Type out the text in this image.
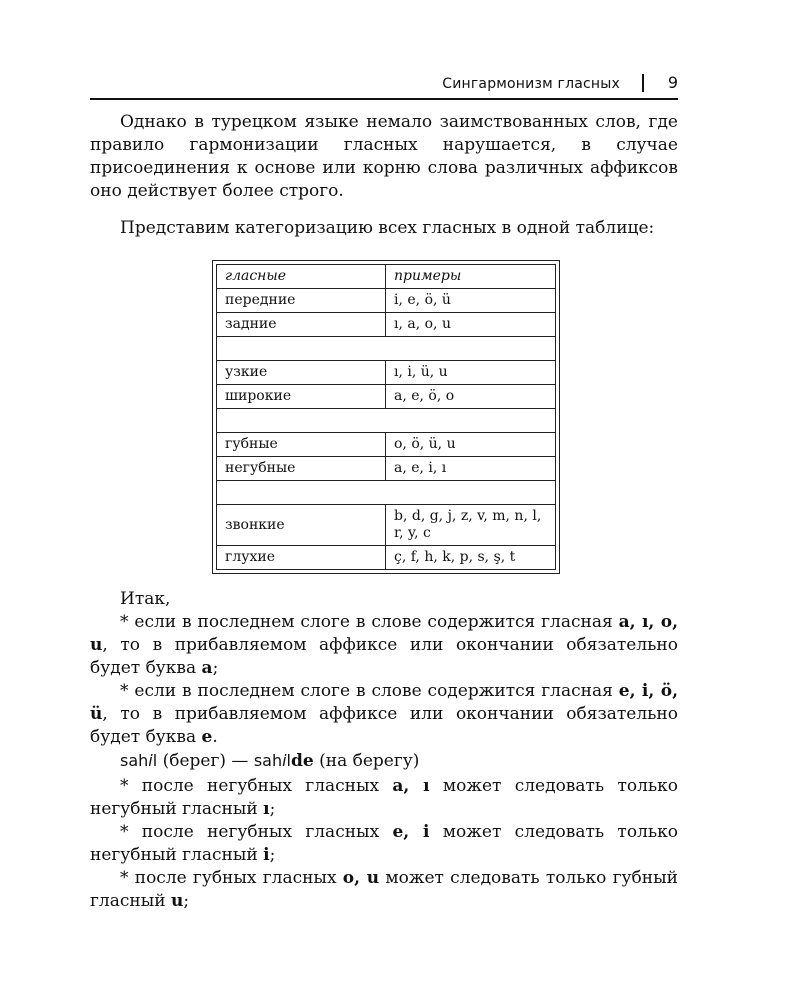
Сингармонизм гласных	9

Однако в турецком языке немало заимствованных слов, где правило гармонизации гласных нарушается, в случае присоединения к основе или корню слова различных аффиксов оно действует более строго.

Представим категоризацию всех гласных в одной таблице:

гласные	примеры
передние	i, e, ö, ü
задние	ı, a, o, u

узкие	ı, i, ü, u
широкие	a, e, ö, o

губные	o, ö, ü, u
негубные	a, e, i, ı

звонкие	b, d, g, j, z, v, m, n, l, r, y, c
глухие	ç, f, h, k, p, s, ş, t

Итак,

* если в последнем слоге в слове содержится гласная a, ı, o, u, то в прибавляемом аффиксе или окончании обязательно будет буква a;

* если в последнем слоге в слове содержится гласная e, i, ö, ü, то в прибавляемом аффиксе или окончании обязательно будет буква e.

sahil (берег) — sahilde (на берегу)

* после негубных гласных a, ı может следовать только негубный гласный ı;

* после негубных гласных e, i может следовать только негубный гласный i;

* после губных гласных o, u может следовать только губный гласный u;
